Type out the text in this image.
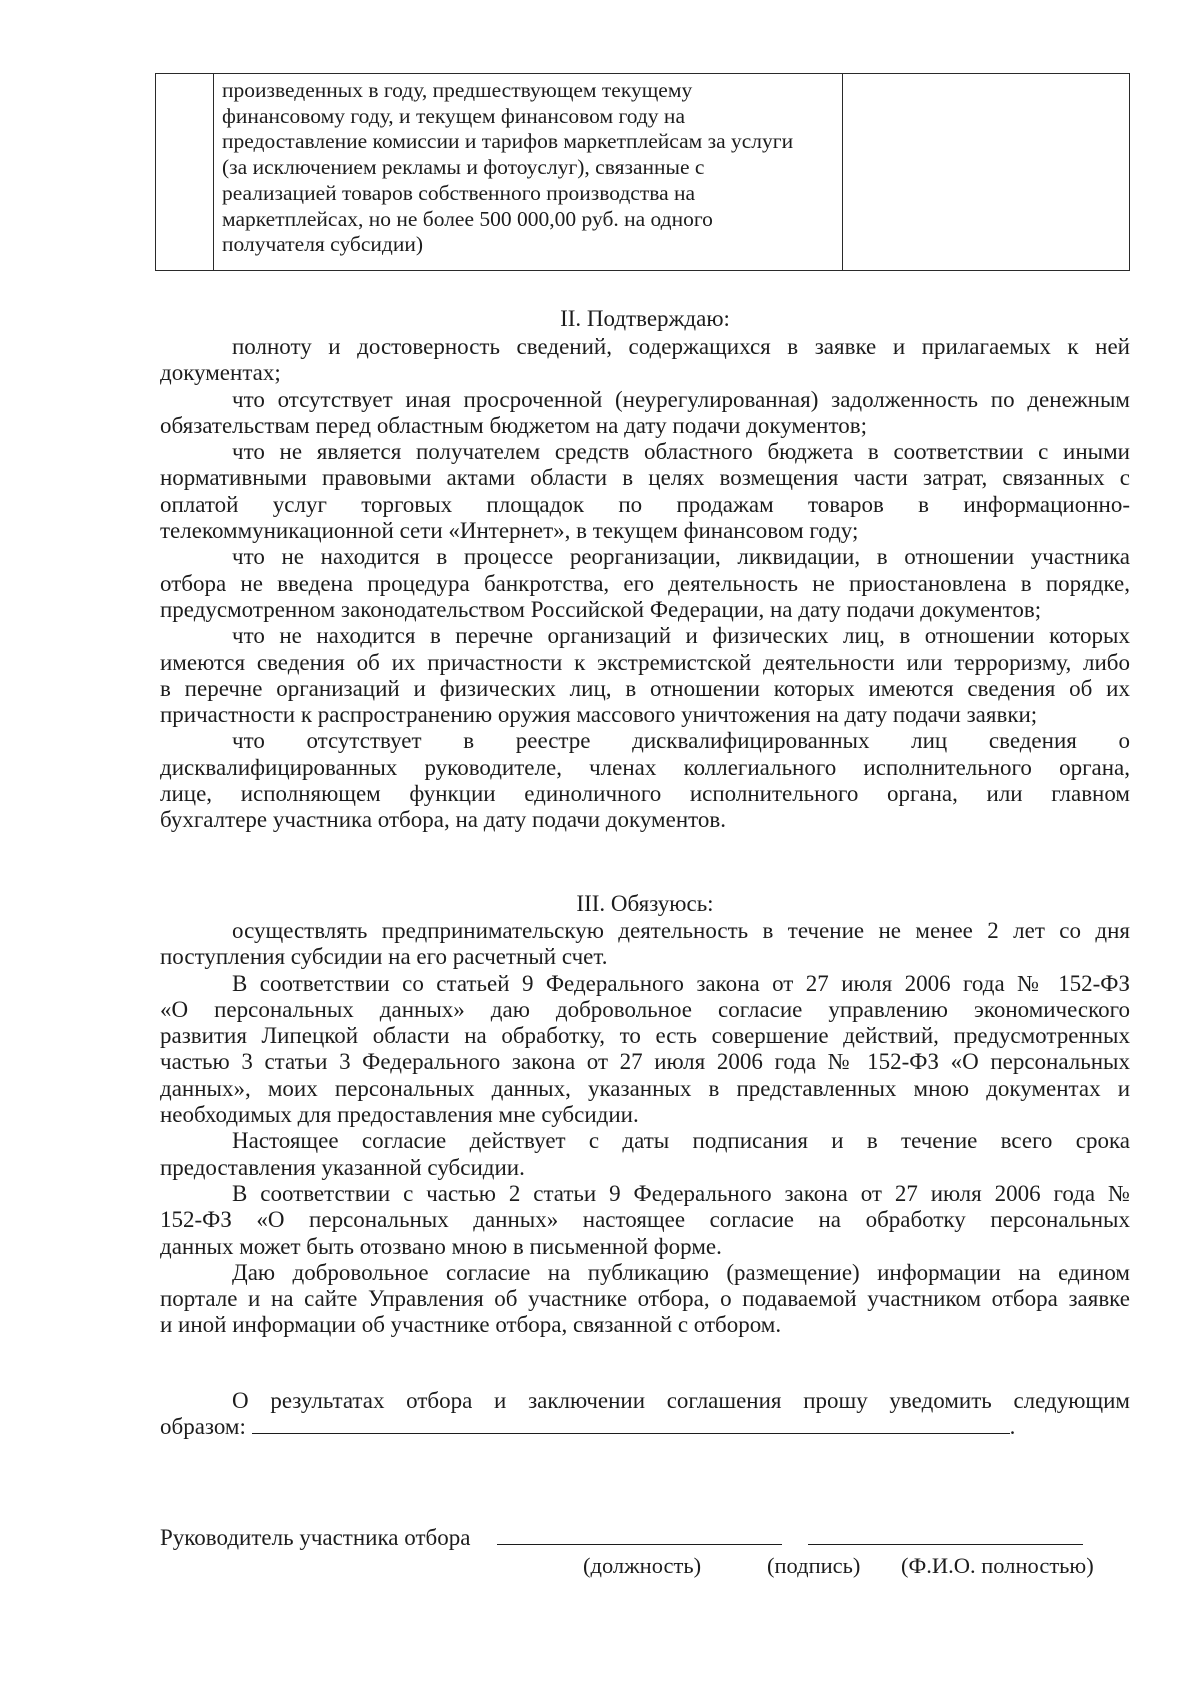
произведенных в году, предшествующем текущему
финансовому году, и текущем финансовом году на
предоставление комиссии и тарифов маркетплейсам за услуги
(за исключением рекламы и фотоуслуг), связанные с
реализацией товаров собственного производства на
маркетплейсах, но не более 500 000,00 руб. на одного
получателя субсидии)
II. Подтверждаю:
полноту и достоверность сведений, содержащихся в заявке и прилагаемых к ней
документах;
что отсутствует иная просроченной (неурегулированная) задолженность по денежным
обязательствам перед областным бюджетом на дату подачи документов;
что не является получателем средств областного бюджета в соответствии с иными
нормативными правовыми актами области в целях возмещения части затрат, связанных с
оплатой услуг торговых площадок по продажам товаров в информационно-
телекоммуникационной сети «Интернет», в текущем финансовом году;
что не находится в процессе реорганизации, ликвидации, в отношении участника
отбора не введена процедура банкротства, его деятельность не приостановлена в порядке,
предусмотренном законодательством Российской Федерации, на дату подачи документов;
что не находится в перечне организаций и физических лиц, в отношении которых
имеются сведения об их причастности к экстремистской деятельности или терроризму, либо
в перечне организаций и физических лиц, в отношении которых имеются сведения об их
причастности к распространению оружия массового уничтожения на дату подачи заявки;
что отсутствует в реестре дисквалифицированных лиц сведения о
дисквалифицированных руководителе, членах коллегиального исполнительного органа,
лице, исполняющем функции единоличного исполнительного органа, или главном
бухгалтере участника отбора, на дату подачи документов.
III. Обязуюсь:
осуществлять предпринимательскую деятельность в течение не менее 2 лет со дня
поступления субсидии на его расчетный счет.
В соответствии со статьей 9 Федерального закона от 27 июля 2006 года № 152-ФЗ
«О персональных данных» даю добровольное согласие управлению экономического
развития Липецкой области на обработку, то есть совершение действий, предусмотренных
частью 3 статьи 3 Федерального закона от 27 июля 2006 года № 152-ФЗ «О персональных
данных», моих персональных данных, указанных в представленных мною документах и
необходимых для предоставления мне субсидии.
Настоящее согласие действует с даты подписания и в течение всего срока
предоставления указанной субсидии.
В соответствии с частью 2 статьи 9 Федерального закона от 27 июля 2006 года №
152-ФЗ «О персональных данных» настоящее согласие на обработку персональных
данных может быть отозвано мною в письменной форме.
Даю добровольное согласие на публикацию (размещение) информации на едином
портале и на сайте Управления об участнике отбора, о подаваемой участником отбора заявке
и иной информации об участнике отбора, связанной с отбором.
О результатах отбора и заключении соглашения прошу уведомить следующим
образом:	.
Руководитель участника отбора
(должность)	(подпись) (Ф.И.О. полностью)
